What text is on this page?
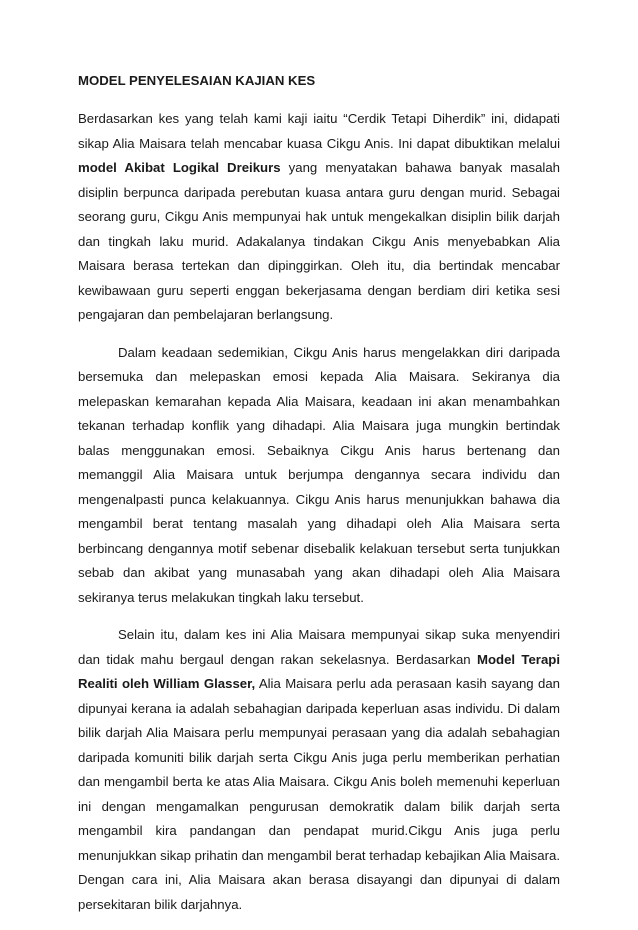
MODEL PENYELESAIAN KAJIAN KES

Berdasarkan kes yang telah kami kaji iaitu “Cerdik Tetapi Diherdik” ini, didapati sikap Alia Maisara telah mencabar kuasa Cikgu Anis. Ini dapat dibuktikan melalui model Akibat Logikal Dreikurs yang menyatakan bahawa banyak masalah disiplin berpunca daripada perebutan kuasa antara guru dengan murid. Sebagai seorang guru, Cikgu Anis mempunyai hak untuk mengekalkan disiplin bilik darjah dan tingkah laku murid. Adakalanya tindakan Cikgu Anis menyebabkan Alia Maisara berasa tertekan dan dipinggirkan. Oleh itu, dia bertindak mencabar kewibawaan guru seperti enggan bekerjasama dengan berdiam diri ketika sesi pengajaran dan pembelajaran berlangsung.

Dalam keadaan sedemikian, Cikgu Anis harus mengelakkan diri daripada bersemuka dan melepaskan emosi kepada Alia Maisara. Sekiranya dia melepaskan kemarahan kepada Alia Maisara, keadaan ini akan menambahkan tekanan terhadap konflik yang dihadapi. Alia Maisara juga mungkin bertindak balas menggunakan emosi. Sebaiknya Cikgu Anis harus bertenang dan memanggil Alia Maisara untuk berjumpa dengannya secara individu dan mengenalpasti punca kelakuannya. Cikgu Anis harus menunjukkan bahawa dia mengambil berat tentang masalah yang dihadapi oleh Alia Maisara serta berbincang dengannya motif sebenar disebalik kelakuan tersebut serta tunjukkan sebab dan akibat yang munasabah yang akan dihadapi oleh Alia Maisara sekiranya terus melakukan tingkah laku tersebut.

Selain itu, dalam kes ini Alia Maisara mempunyai sikap suka menyendiri dan tidak mahu bergaul dengan rakan sekelasnya. Berdasarkan Model Terapi Realiti oleh William Glasser, Alia Maisara perlu ada perasaan kasih sayang dan dipunyai kerana ia adalah sebahagian daripada keperluan asas individu. Di dalam bilik darjah Alia Maisara perlu mempunyai perasaan yang dia adalah sebahagian daripada komuniti bilik darjah serta Cikgu Anis juga perlu memberikan perhatian dan mengambil berta ke atas Alia Maisara. Cikgu Anis boleh memenuhi keperluan ini dengan mengamalkan pengurusan demokratik dalam bilik darjah serta mengambil kira pandangan dan pendapat murid.Cikgu Anis juga perlu menunjukkan sikap prihatin dan mengambil berat terhadap kebajikan Alia Maisara. Dengan cara ini, Alia Maisara akan berasa disayangi dan dipunyai di dalam persekitaran bilik darjahnya.
